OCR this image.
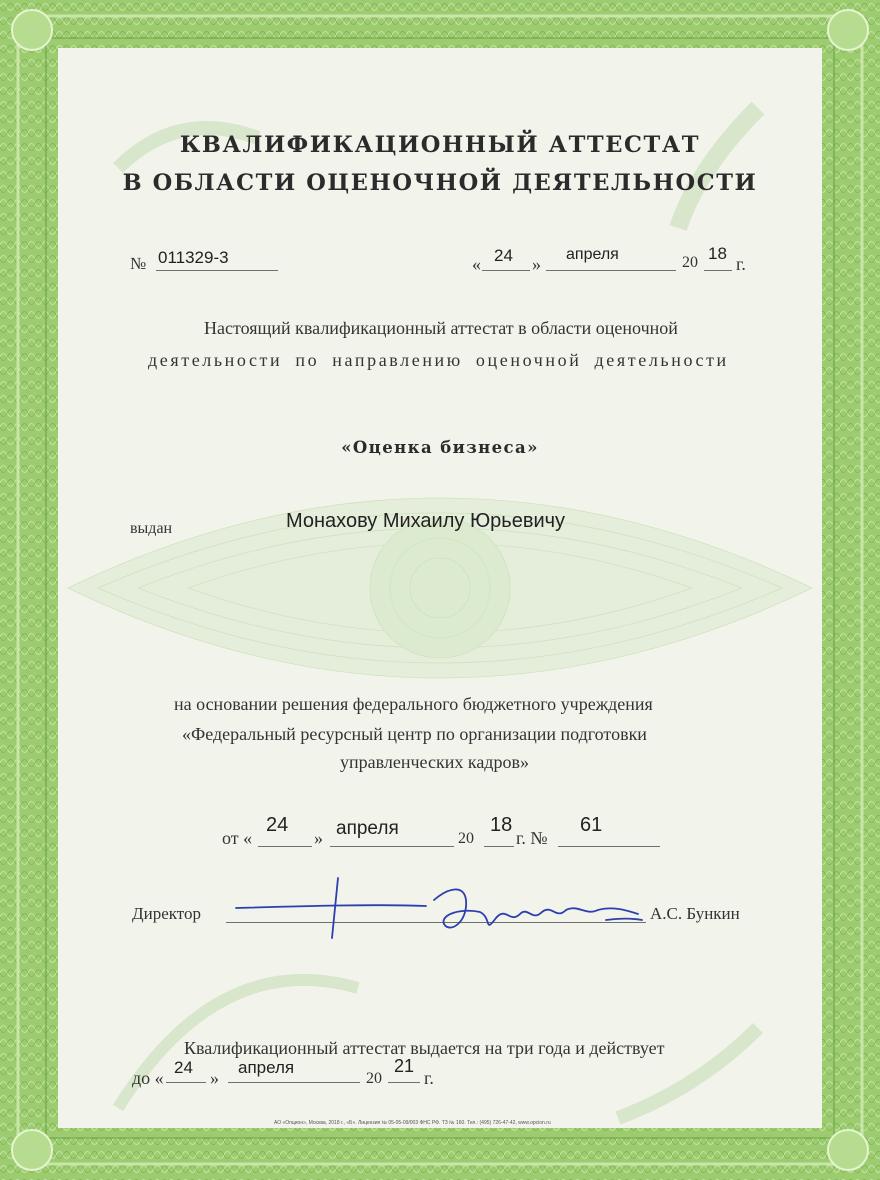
КВАЛИФИКАЦИОННЫЙ АТТЕСТАТ
В ОБЛАСТИ ОЦЕНОЧНОЙ ДЕЯТЕЛЬНОСТИ
№ 011329-3	« 24 » апреля	20 18
г.
Настоящий квалификационный аттестат в области оценочной
деятельности по направлению оценочной деятельности
«Оценка бизнеса»
выдан	Монахову Михаилу Юрьевичу
на основании решения федерального бюджетного учреждения
«Федеральный ресурсный центр по организации подготовки
управленческих кадров»
от «
24
» апреля	20
18
г. №
61
Директор	А.С. Бункин
Квалификационный аттестат выдается на три года и действует
до «
24
»
апреля
20
21
г.
АО «Опцион», Москва, 2018 г., «Б». Лицензия № 05-05-09/003 ФНС РФ. ТЗ № 160. Тел.: (495) 726-47-42, www.opcion.ru
